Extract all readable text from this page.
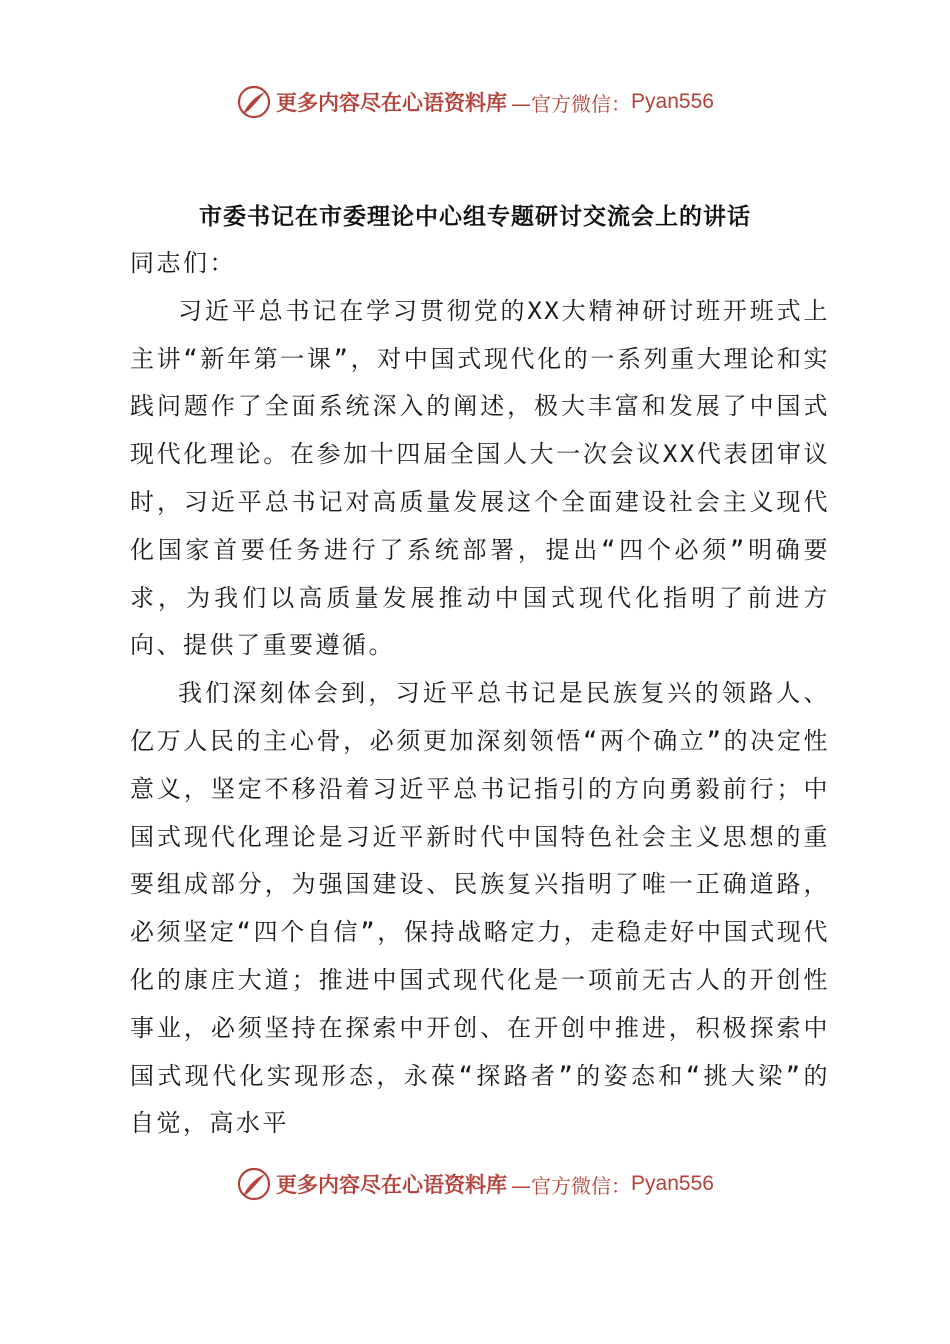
更多内容尽在心语资料库 —官方微信： Pyan556
市委书记在市委理论中心组专题研讨交流会上的讲话

同志们：

习近平总书记在学习贯彻党的XX大精神研讨班开班式上主讲“新年第一课”，对中国式现代化的一系列重大理论和实践问题作了全面系统深入的阐述，极大丰富和发展了中国式现代化理论。在参加十四届全国人大一次会议XX代表团审议时，习近平总书记对高质量发展这个全面建设社会主义现代化国家首要任务进行了系统部署，提出“四个必须”明确要求，为我们以高质量发展推动中国式现代化指明了前进方向、提供了重要遵循。

我们深刻体会到，习近平总书记是民族复兴的领路人、亿万人民的主心骨，必须更加深刻领悟“两个确立”的决定性意义，坚定不移沿着习近平总书记指引的方向勇毅前行；中国式现代化理论是习近平新时代中国特色社会主义思想的重要组成部分，为强国建设、民族复兴指明了唯一正确道路，必须坚定“四个自信”，保持战略定力，走稳走好中国式现代化的康庄大道；推进中国式现代化是一项前无古人的开创性事业，必须坚持在探索中开创、在开创中推进，积极探索中国式现代化实现形态，永葆“探路者”的姿态和“挑大梁”的自觉，高水平

更多内容尽在心语资料库 —官方微信： Pyan556
